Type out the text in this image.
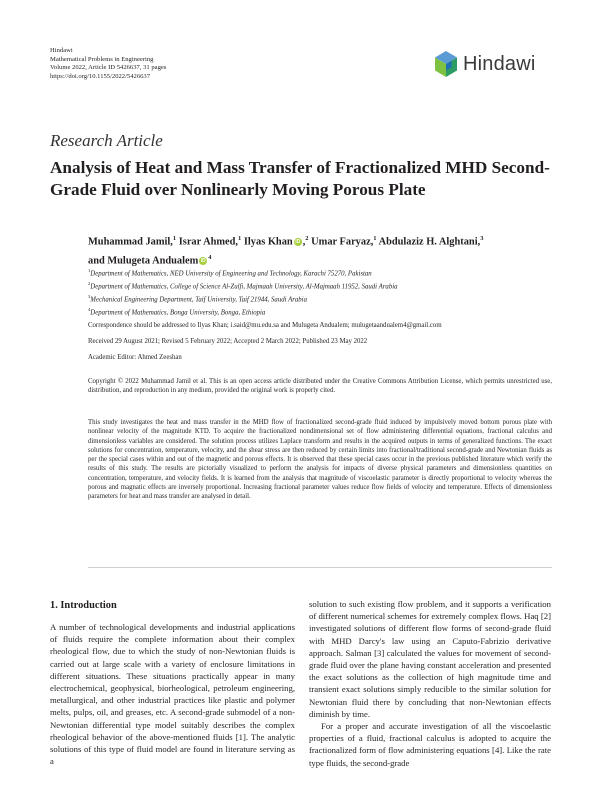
Hindawi
Mathematical Problems in Engineering
Volume 2022, Article ID 5426637, 31 pages
https://doi.org/10.1155/2022/5426637
Hindawi
Research Article
Analysis of Heat and Mass Transfer of Fractionalized MHD Second-Grade Fluid over Nonlinearly Moving Porous Plate
Muhammad Jamil,$^1$ Israr Ahmed,$^1$ Ilyas Khan iD ,$^2$ Umar Faryaz,$^1$ Abdulaziz H. Alghtani,$^3$
and Mulugeta Andualem $iD^4$
$^1$Department of Mathematics, NED University of Engineering and Technology, Karachi 75270, Pakistan
$^2$Department of Mathematics, College of Science Al-Zulfi, Majmaah University, Al-Majmaah 11952, Saudi Arabia
$^3$Mechanical Engineering Department, Taif University, Taif 21944, Saudi Arabia
$^4$Department of Mathematics, Bonga University, Bonga, Ethiopia
Correspondence should be addressed to Ilyas Khan; i.said@mu.edu.sa and Mulugeta Andualem; mulugetaandualem4@gmail.com
Received 29 August 2021; Revised 5 February 2022; Accepted 2 March 2022; Published 23 May 2022
Academic Editor: Ahmed Zeeshan
Copyright © 2022 Muhammad Jamil et al. This is an open access article distributed under the Creative Commons Attribution License, which permits unrestricted use, distribution, and reproduction in any medium, provided the original work is properly cited.
This study investigates the heat and mass transfer in the MHD flow of fractionalized second-grade fluid induced by impulsively moved bottom porous plate with nonlinear velocity of the magnitude KTD. To acquire the fractionalized nondimensional set of flow administering differential equations, fractional calculus and dimensionless variables are considered. The solution process utilizes Laplace transform and results in the acquired outputs in terms of generalized functions. The exact solutions for concentration, temperature, velocity, and the shear stress are then reduced by certain limits into fractional/traditional second-grade and Newtonian fluids as per the special cases within and out of the magnetic and porous effects. It is observed that these special cases occur in the previous published literature which verify the results of this study. The results are pictorially visualized to perform the analysis for impacts of diverse physical parameters and dimensionless quantities on concentration, temperature, and velocity fields. It is learned from the analysis that magnitude of viscoelastic parameter is directly proportional to velocity whereas the porous and magnatic effects are inversely proportional. Increasing fractional parameter values reduce flow fields of velocity and temperature. Effects of dimensionless parameters for heat and mass transfer are analysed in detail.
1. Introduction

A number of technological developments and industrial applications of fluids require the complete information about their complex rheological flow, due to which the study of non-Newtonian fluids is carried out at large scale with a variety of enclosure limitations in different situations. These situations practically appear in many electrochemical, geophysical, biorheological, petroleum engineering, metallurgical, and other industrial practices like plastic and polymer melts, pulps, oil, and greases, etc. A second-grade submodel of a non-Newtonian differential type model suitably describes the complex rheological behavior of the above-mentioned fluids [1]. The analytic solutions of this type of fluid model are found in literature serving as a

solution to such existing flow problem, and it supports a verification of different numerical schemes for extremely complex flows. Haq [2] investigated solutions of different flow forms of second-grade fluid with MHD Darcy's law using an Caputo-Fabrizio derivative approach. Salman [3] calculated the values for movement of second-grade fluid over the plane having constant acceleration and presented the exact solutions as the collection of high magnitude time and transient exact solutions simply reducible to the similar solution for Newtonian fluid there by concluding that non-Newtonian effects diminish by time.

For a proper and accurate investigation of all the viscoelastic properties of a fluid, fractional calculus is adopted to acquire the fractionalized form of flow administering equations [4]. Like the rate type fluids, the second-grade
